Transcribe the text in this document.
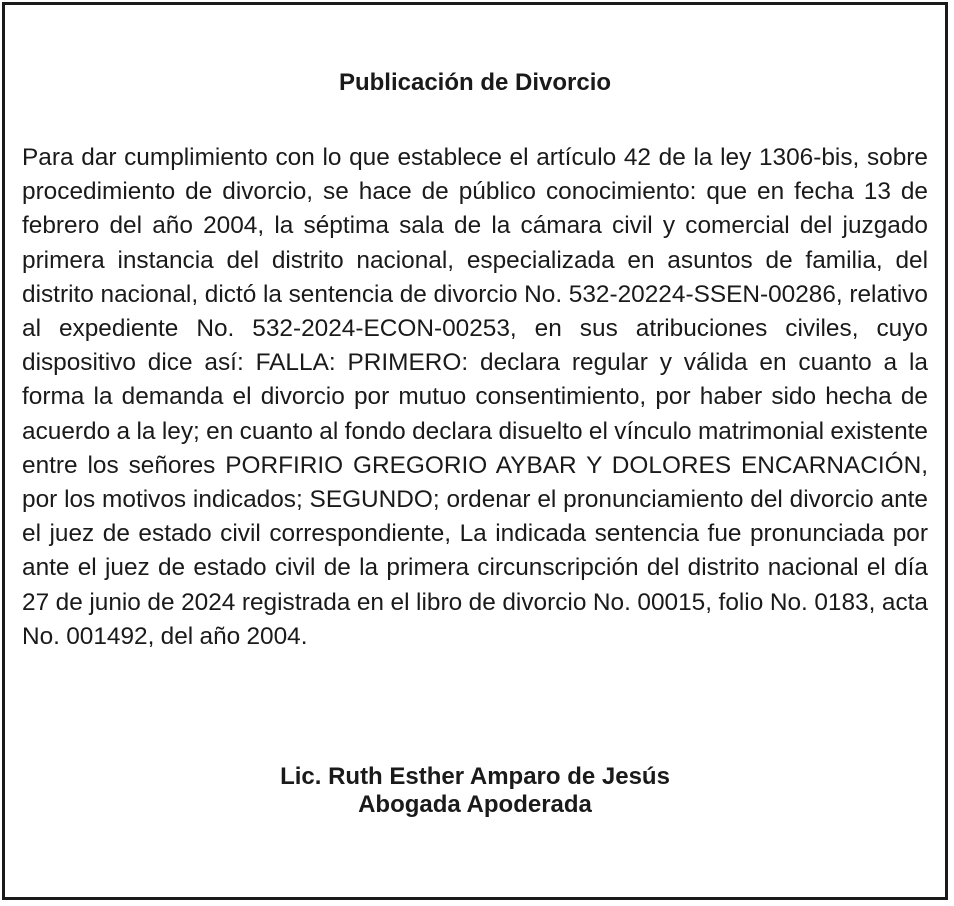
Publicación de Divorcio

Para dar cumplimiento con lo que establece el artículo 42 de la ley 1306-bis, sobre procedimiento de divorcio, se hace de público conocimiento: que en fecha 13 de febrero del año 2004, la séptima sala de la cámara civil y comercial del juzgado primera instancia del distrito nacional, especializada en asuntos de familia, del distrito nacional, dictó la sentencia de divorcio No. 532-20224-SSEN-00286, relativo al expediente No. 532-2024-ECON-00253, en sus atribuciones civiles, cuyo dispositivo dice así: FALLA: PRIMERO: declara regular y válida en cuanto a la forma la demanda el divorcio por mutuo consentimiento, por haber sido hecha de acuerdo a la ley; en cuanto al fondo declara disuelto el vínculo matrimonial existente entre los señores PORFIRIO GREGORIO AYBAR Y DOLORES ENCARNACIÓN, por los motivos indicados; SEGUNDO; ordenar el pronunciamiento del divorcio ante el juez de estado civil correspondiente, La indicada sentencia fue pronunciada por ante el juez de estado civil de la primera circunscripción del distrito nacional el día 27 de junio de 2024 registrada en el libro de divorcio No. 00015, folio No. 0183, acta No. 001492, del año 2004.

Lic. Ruth Esther Amparo de Jesús
Abogada Apoderada
